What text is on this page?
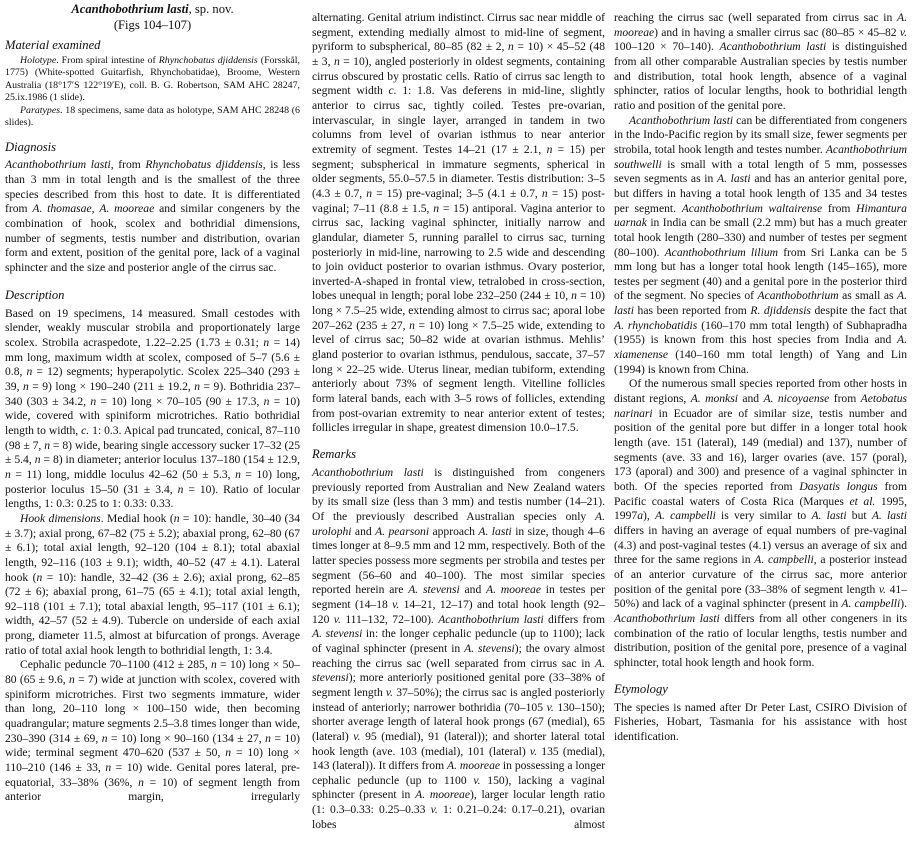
Acanthobothrium lasti, sp. nov.
(Figs 104–107)
Material examined

Holotype. From spiral intestine of Rhynchobatus djiddensis (Forsskål, 1775) (White-spotted Guitarfish, Rhynchobatidae), Broome, Western Australia (18°17′S 122°19′E), coll. B. G. Robertson, SAM AHC 28247, 25.ix.1986 (1 slide).

Paratypes. 18 specimens, same data as holotype, SAM AHC 28248 (6 slides).

Diagnosis

Acanthobothrium lasti, from Rhynchobatus djiddensis, is less than 3 mm in total length and is the smallest of the three species described from this host to date. It is differentiated from A. thomasae, A. mooreae and similar congeners by the combination of hook, scolex and bothridial dimensions, number of segments, testis number and distribution, ovarian form and extent, position of the genital pore, lack of a vaginal sphincter and the size and posterior angle of the cirrus sac.

Description

Based on 19 specimens, 14 measured. Small cestodes with slender, weakly muscular strobila and proportionately large scolex. Strobila acraspedote, 1.22–2.25 (1.73 ± 0.31; n = 14) mm long, maximum width at scolex, composed of 5–7 (5.6 ± 0.8, n = 12) segments; hyperapolytic. Scolex 225–340 (293 ± 39, n = 9) long × 190–240 (211 ± 19.2, n = 9). Bothridia 237–340 (303 ± 34.2, n = 10) long × 70–105 (90 ± 17.3, n = 10) wide, covered with spiniform microtriches. Ratio bothridial length to width, c. 1: 0.3. Apical pad truncated, conical, 87–110 (98 ± 7, n = 8) wide, bearing single accessory sucker 17–32 (25 ± 5.4, n = 8) in diameter; anterior loculus 137–180 (154 ± 12.9, n = 11) long, middle loculus 42–62 (50 ± 5.3, n = 10) long, posterior loculus 15–50 (31 ± 3.4, n = 10). Ratio of locular lengths, 1: 0.3: 0.25 to 1: 0.33: 0.33.

Hook dimensions. Medial hook (n = 10): handle, 30–40 (34 ± 3.7); axial prong, 67–82 (75 ± 5.2); abaxial prong, 62–80 (67 ± 6.1); total axial length, 92–120 (104 ± 8.1); total abaxial length, 92–116 (103 ± 9.1); width, 40–52 (47 ± 4.1). Lateral hook (n = 10): handle, 32–42 (36 ± 2.6); axial prong, 62–85 (72 ± 6); abaxial prong, 61–75 (65 ± 4.1); total axial length, 92–118 (101 ± 7.1); total abaxial length, 95–117 (101 ± 6.1); width, 42–57 (52 ± 4.9). Tubercle on underside of each axial prong, diameter 11.5, almost at bifurcation of prongs. Average ratio of total axial hook length to bothridial length, 1: 3.4.

Cephalic peduncle 70–1100 (412 ± 285, n = 10) long × 50–80 (65 ± 9.6, n = 7) wide at junction with scolex, covered with spiniform microtriches. First two segments immature, wider than long, 20–110 long × 100–150 wide, then becoming quadrangular; mature segments 2.5–3.8 times longer than wide, 230–390 (314 ± 69, n = 10) long × 90–160 (134 ± 27, n = 10) wide; terminal segment 470–620 (537 ± 50, n = 10) long × 110–210 (146 ± 33, n = 10) wide. Genital pores lateral, pre-equatorial, 33–38% (36%, n = 10) of segment length from anterior margin, irregularly

alternating. Genital atrium indistinct. Cirrus sac near middle of segment, extending medially almost to mid-line of segment, pyriform to subspherical, 80–85 (82 ± 2, n = 10) × 45–52 (48 ± 3, n = 10), angled posteriorly in oldest segments, containing cirrus obscured by prostatic cells. Ratio of cirrus sac length to segment width c. 1: 1.8. Vas deferens in mid-line, slightly anterior to cirrus sac, tightly coiled. Testes pre-ovarian, intervascular, in single layer, arranged in tandem in two columns from level of ovarian isthmus to near anterior extremity of segment. Testes 14–21 (17 ± 2.1, n = 15) per segment; subspherical in immature segments, spherical in older segments, 55.0–57.5 in diameter. Testis distribution: 3–5 (4.3 ± 0.7, n = 15) pre-vaginal; 3–5 (4.1 ± 0.7, n = 15) post-vaginal; 7–11 (8.8 ± 1.5, n = 15) antiporal. Vagina anterior to cirrus sac, lacking vaginal sphincter, initially narrow and glandular, diameter 5, running parallel to cirrus sac, turning posteriorly in mid-line, narrowing to 2.5 wide and descending to join oviduct posterior to ovarian isthmus. Ovary posterior, inverted-A-shaped in frontal view, tetralobed in cross-section, lobes unequal in length; poral lobe 232–250 (244 ± 10, n = 10) long × 7.5–25 wide, extending almost to cirrus sac; aporal lobe 207–262 (235 ± 27, n = 10) long × 7.5–25 wide, extending to level of cirrus sac; 50–82 wide at ovarian isthmus. Mehlis’ gland posterior to ovarian isthmus, pendulous, saccate, 37–57 long × 22–25 wide. Uterus linear, median tubiform, extending anteriorly about 73% of segment length. Vitelline follicles form lateral bands, each with 3–5 rows of follicles, extending from post-ovarian extremity to near anterior extent of testes; follicles irregular in shape, greatest dimension 10.0–17.5.

Remarks

Acanthobothrium lasti is distinguished from congeners previously reported from Australian and New Zealand waters by its small size (less than 3 mm) and testis number (14–21). Of the previously described Australian species only A. urolophi and A. pearsoni approach A. lasti in size, though 4–6 times longer at 8–9.5 mm and 12 mm, respectively. Both of the latter species possess more segments per strobila and testes per segment (56–60 and 40–100). The most similar species reported herein are A. stevensi and A. mooreae in testes per segment (14–18 v. 14–21, 12–17) and total hook length (92–120 v. 111–132, 72–100). Acanthobothrium lasti differs from A. stevensi in: the longer cephalic peduncle (up to 1100); lack of vaginal sphincter (present in A. stevensi); the ovary almost reaching the cirrus sac (well separated from cirrus sac in A. stevensi); more anteriorly positioned genital pore (33–38% of segment length v. 37–50%); the cirrus sac is angled posteriorly instead of anteriorly; narrower bothridia (70–105 v. 130–150); shorter average length of lateral hook prongs (67 (medial), 65 (lateral) v. 95 (medial), 91 (lateral)); and shorter lateral total hook length (ave. 103 (medial), 101 (lateral) v. 135 (medial), 143 (lateral)). It differs from A. mooreae in possessing a longer cephalic peduncle (up to 1100 v. 150), lacking a vaginal sphincter (present in A. mooreae), larger locular length ratio (1: 0.3–0.33: 0.25–0.33 v. 1: 0.21–0.24: 0.17–0.21), ovarian lobes almost

reaching the cirrus sac (well separated from cirrus sac in A. mooreae) and in having a smaller cirrus sac (80–85 × 45–82 v. 100–120 × 70–140). Acanthobothrium lasti is distinguished from all other comparable Australian species by testis number and distribution, total hook length, absence of a vaginal sphincter, ratios of locular lengths, hook to bothridial length ratio and position of the genital pore.

Acanthobothrium lasti can be differentiated from congeners in the Indo-Pacific region by its small size, fewer segments per strobila, total hook length and testes number. Acanthobothrium southwelli is small with a total length of 5 mm, possesses seven segments as in A. lasti and has an anterior genital pore, but differs in having a total hook length of 135 and 34 testes per segment. Acanthobothrium waltairense from Himantura uarnak in India can be small (2.2 mm) but has a much greater total hook length (280–330) and number of testes per segment (80–100). Acanthobothrium lilium from Sri Lanka can be 5 mm long but has a longer total hook length (145–165), more testes per segment (40) and a genital pore in the posterior third of the segment. No species of Acanthobothrium as small as A. lasti has been reported from R. djiddensis despite the fact that A. rhynchobatidis (160–170 mm total length) of Subhapradha (1955) is known from this host species from India and A. xiamenense (140–160 mm total length) of Yang and Lin (1994) is known from China.

Of the numerous small species reported from other hosts in distant regions, A. monksi and A. nicoyaense from Aetobatus narinari in Ecuador are of similar size, testis number and position of the genital pore but differ in a longer total hook length (ave. 151 (lateral), 149 (medial) and 137), number of segments (ave. 33 and 16), larger ovaries (ave. 157 (poral), 173 (aporal) and 300) and presence of a vaginal sphincter in both. Of the species reported from Dasyatis longus from Pacific coastal waters of Costa Rica (Marques et al. 1995, 1997a), A. campbelli is very similar to A. lasti but A. lasti differs in having an average of equal numbers of pre-vaginal (4.3) and post-vaginal testes (4.1) versus an average of six and three for the same regions in A. campbelli, a posterior instead of an anterior curvature of the cirrus sac, more anterior position of the genital pore (33–38% of segment length v. 41–50%) and lack of a vaginal sphincter (present in A. campbelli). Acanthobothrium lasti differs from all other congeners in its combination of the ratio of locular lengths, testis number and distribution, position of the genital pore, presence of a vaginal sphincter, total hook length and hook form.

Etymology

The species is named after Dr Peter Last, CSIRO Division of Fisheries, Hobart, Tasmania for his assistance with host identification.
